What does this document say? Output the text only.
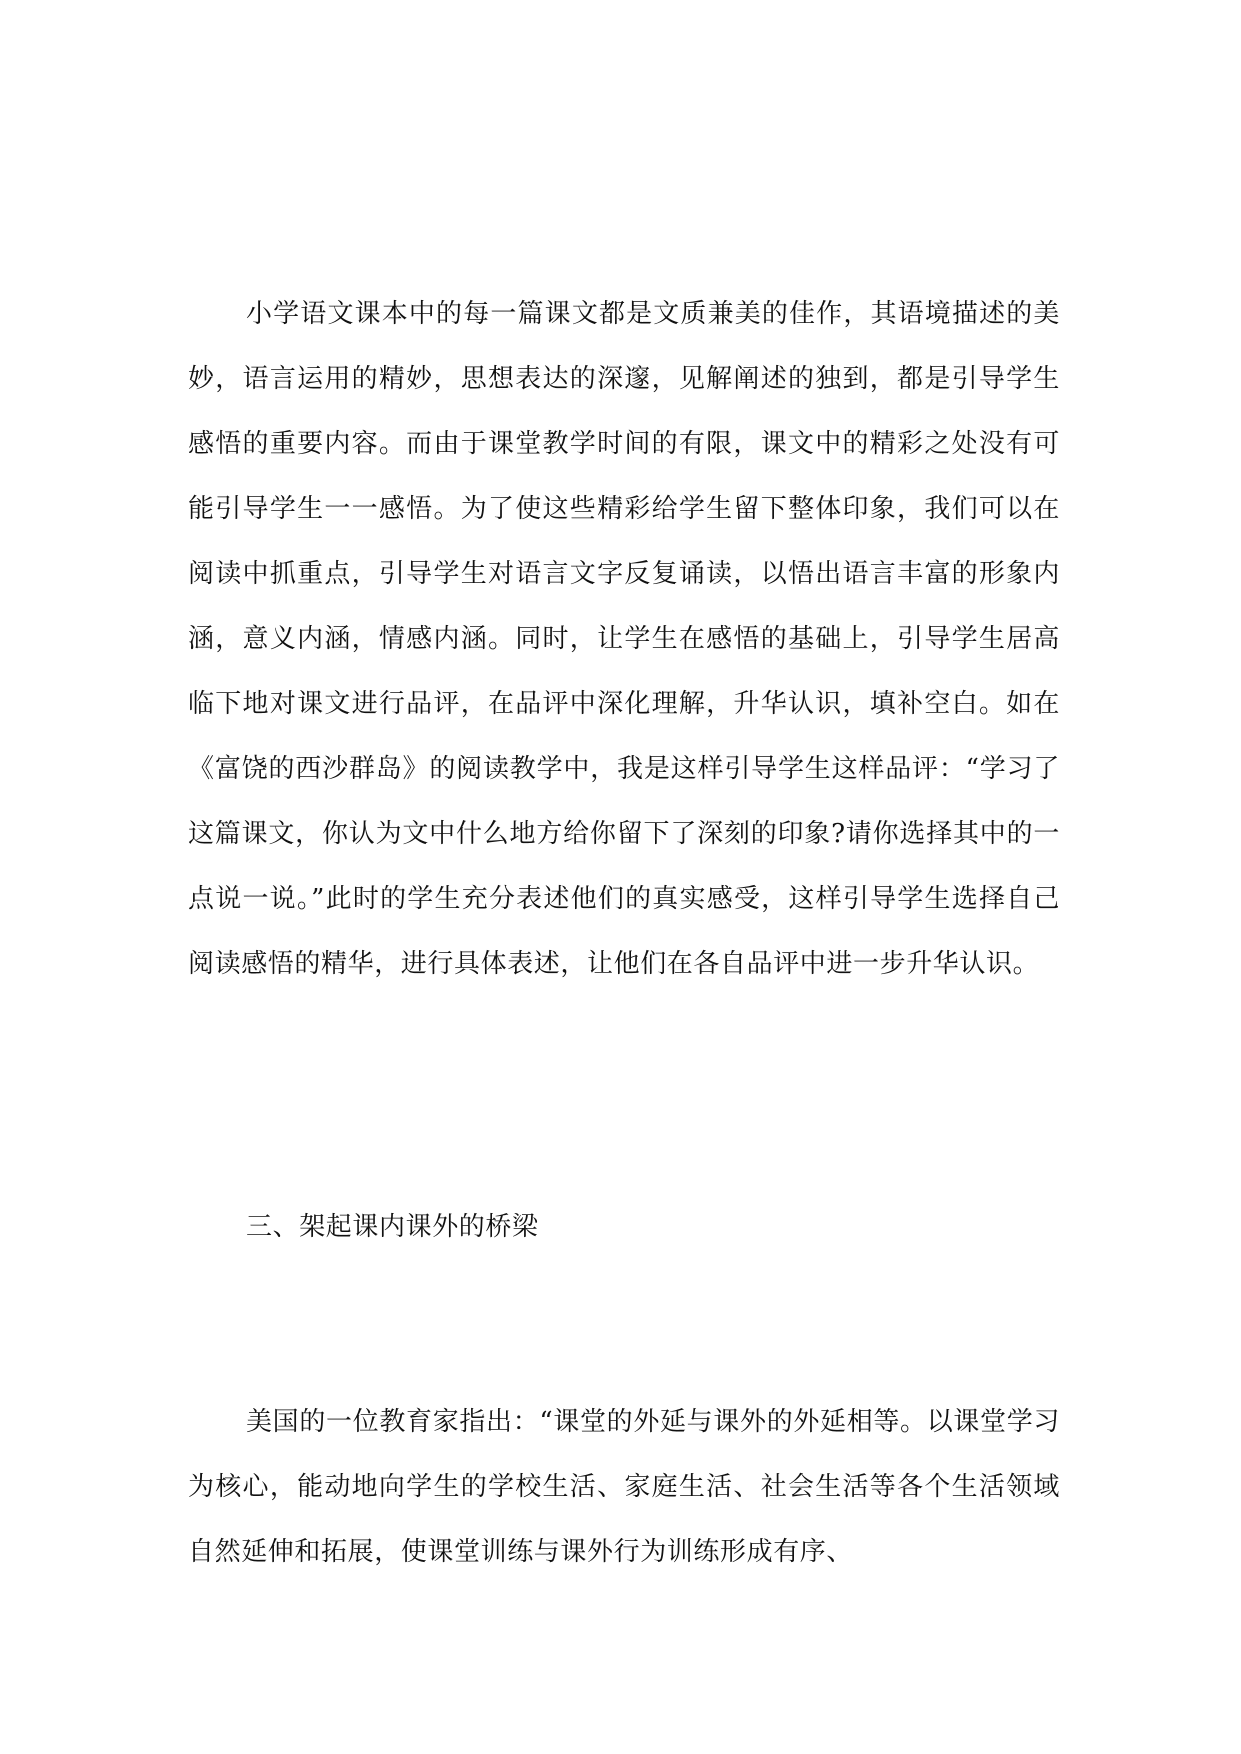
小学语文课本中的每一篇课文都是文质兼美的佳作，其语境描述的美妙，语言运用的精妙，思想表达的深邃，见解阐述的独到，都是引导学生感悟的重要内容。而由于课堂教学时间的有限，课文中的精彩之处没有可能引导学生一一感悟。为了使这些精彩给学生留下整体印象，我们可以在阅读中抓重点，引导学生对语言文字反复诵读，以悟出语言丰富的形象内涵，意义内涵，情感内涵。同时，让学生在感悟的基础上，引导学生居高临下地对课文进行品评，在品评中深化理解，升华认识，填补空白。如在《富饶的西沙群岛》的阅读教学中，我是这样引导学生这样品评：“学习了这篇课文，你认为文中什么地方给你留下了深刻的印象?请你选择其中的一点说一说。”此时的学生充分表述他们的真实感受，这样引导学生选择自己阅读感悟的精华，进行具体表述，让他们在各自品评中进一步升华认识。

三、架起课内课外的桥梁

美国的一位教育家指出：“课堂的外延与课外的外延相等。以课堂学习为核心，能动地向学生的学校生活、家庭生活、社会生活等各个生活领域自然延伸和拓展，使课堂训练与课外行为训练形成有序、
